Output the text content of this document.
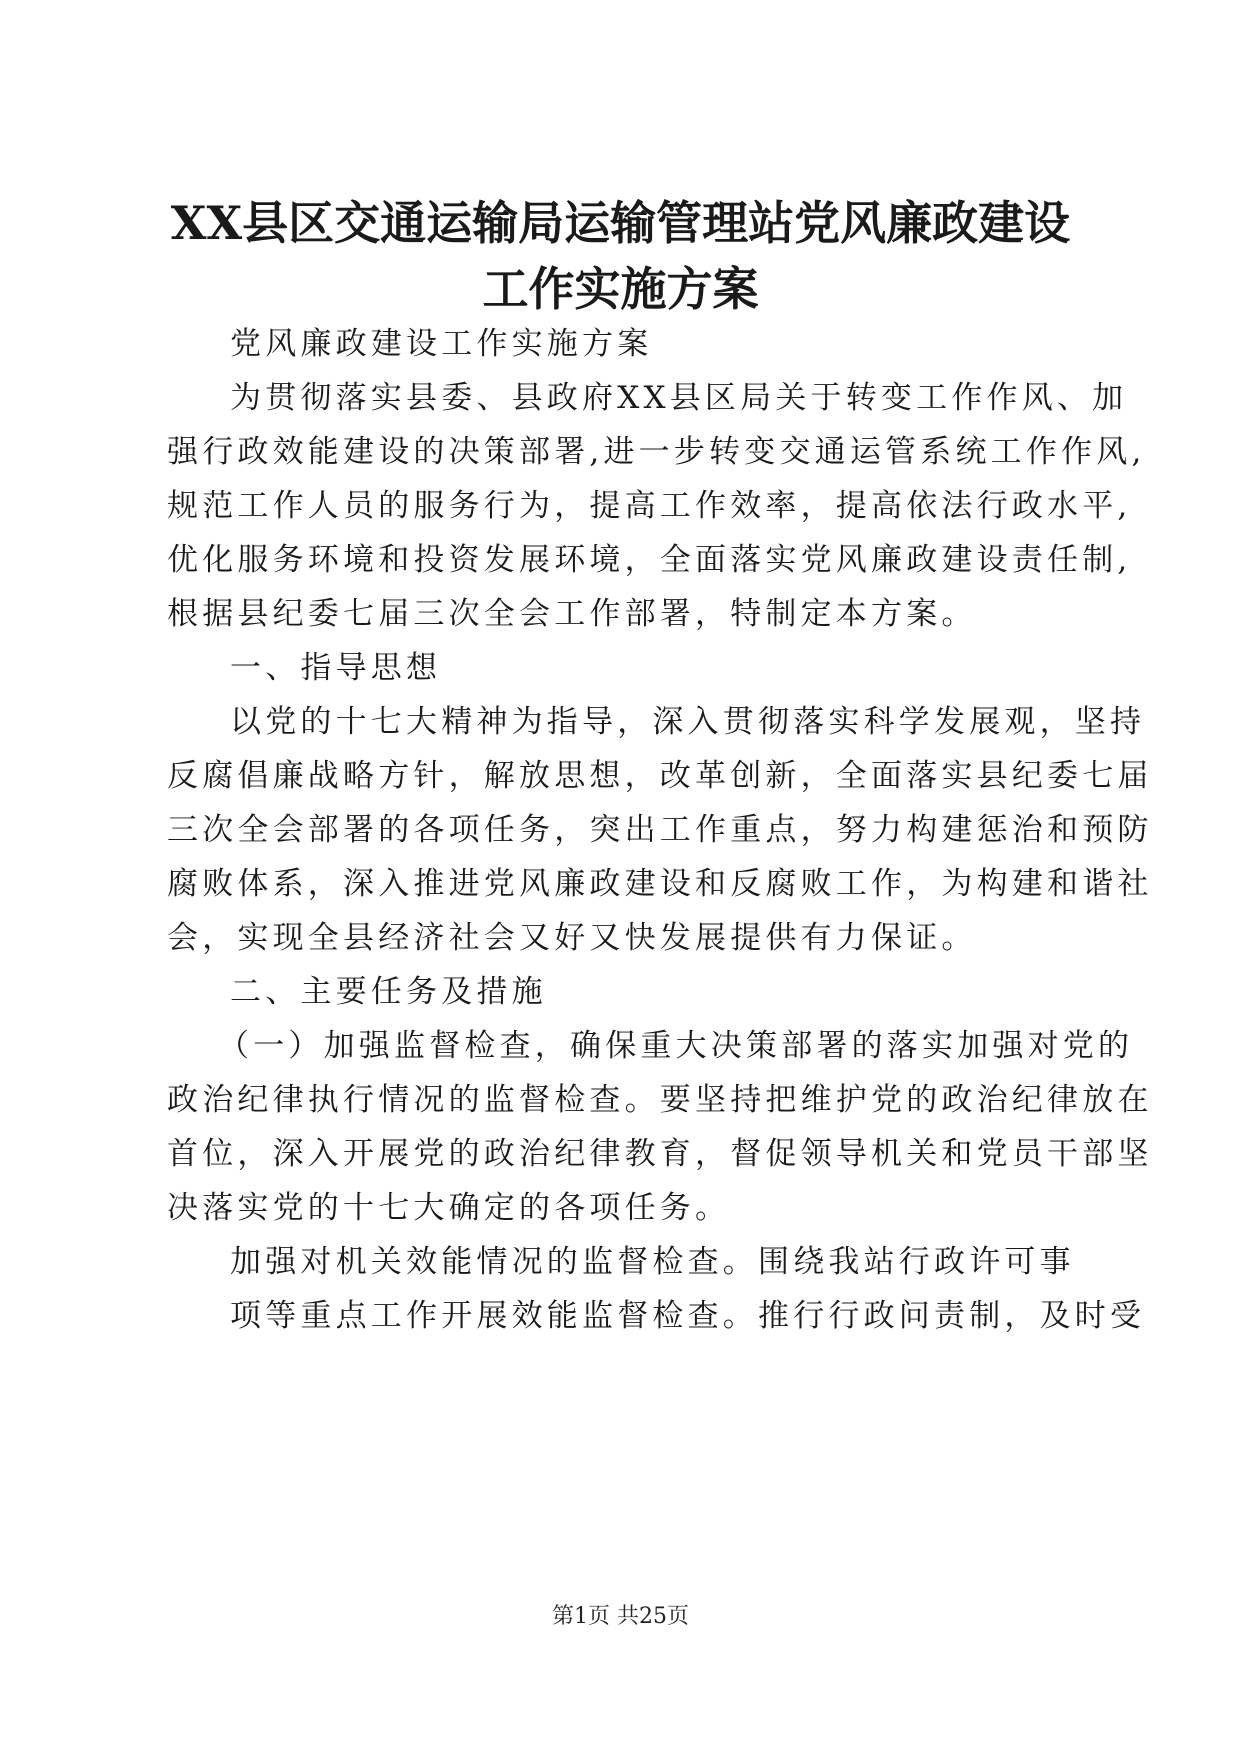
XX县区交通运输局运输管理站党风廉政建设
工作实施方案
党风廉政建设工作实施方案
为贯彻落实县委、县政府XX县区局关于转变工作作风、加
强行政效能建设的决策部署,进一步转变交通运管系统工作作风,
规范工作人员的服务行为，提高工作效率，提高依法行政水平,
优化服务环境和投资发展环境，全面落实党风廉政建设责任制,
根据县纪委七届三次全会工作部署，特制定本方案。
一、指导思想
以党的十七大精神为指导，深入贯彻落实科学发展观，坚持
反腐倡廉战略方针，解放思想，改革创新，全面落实县纪委七届
三次全会部署的各项任务，突出工作重点，努力构建惩治和预防
腐败体系，深入推进党风廉政建设和反腐败工作，为构建和谐社
会，实现全县经济社会又好又快发展提供有力保证。
二、主要任务及措施
（一）加强监督检查，确保重大决策部署的落实加强对党的
政治纪律执行情况的监督检查。要坚持把维护党的政治纪律放在
首位，深入开展党的政治纪律教育，督促领导机关和党员干部坚
决落实党的十七大确定的各项任务。
加强对机关效能情况的监督检查。围绕我站行政许可事
项等重点工作开展效能监督检查。推行行政问责制，及时受
第1页 共25页
